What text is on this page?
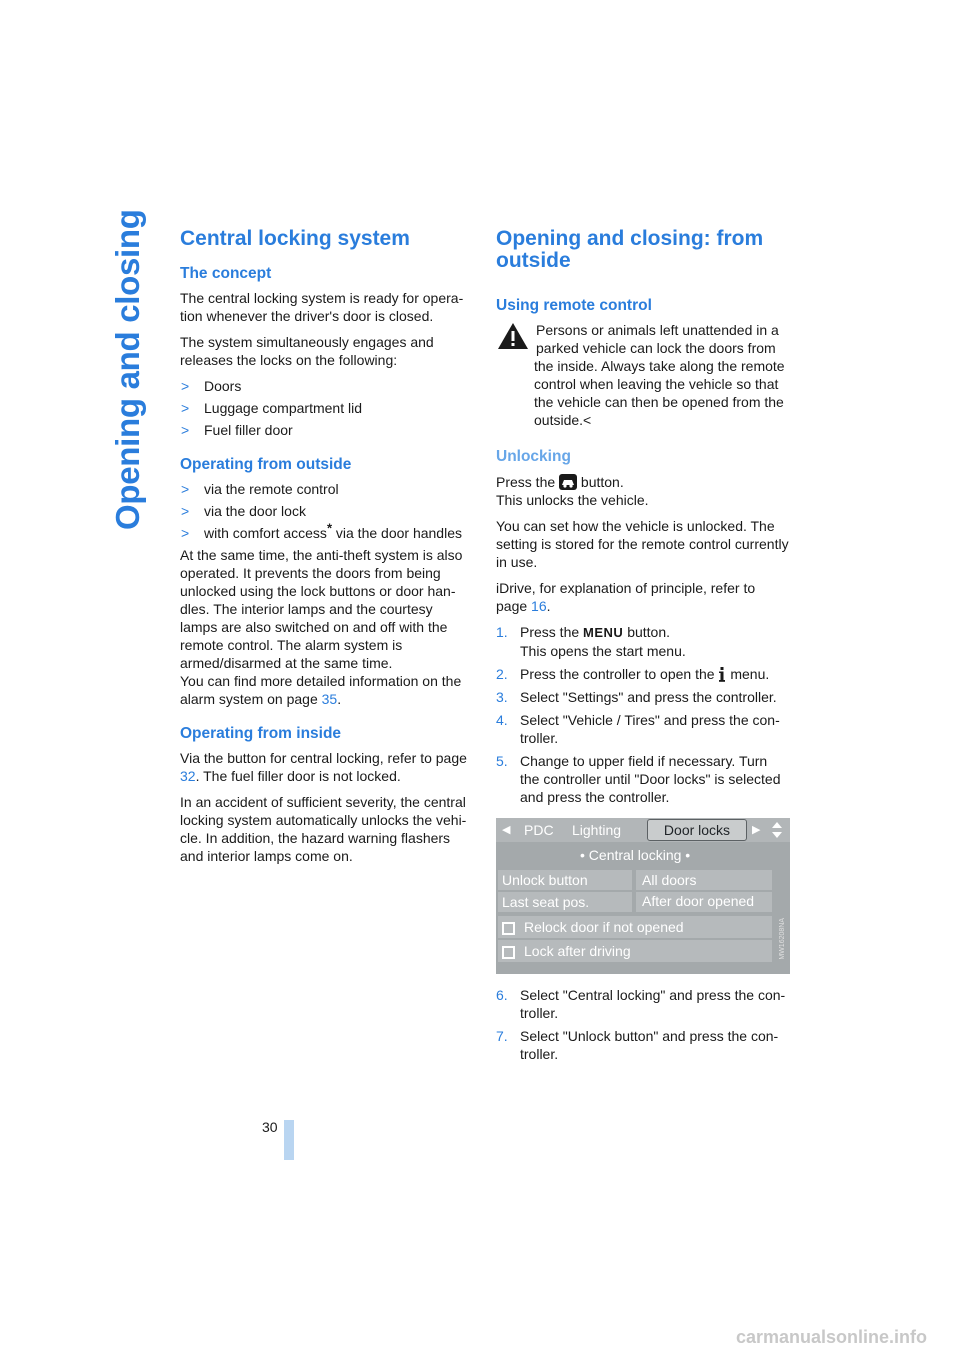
Opening and closing Central locking system
The concept

The central locking system is ready for opera-tion whenever the driver's door is closed.

The system simultaneously engages and releases the locks on the following:

> Doors
> Luggage compartment lid
> Fuel filler door
Operating from outside
> via the remote control
> via the door lock
> with comfort access* via the door handles

At the same time, the anti-theft system is also operated. It prevents the doors from being unlocked using the lock buttons or door han-dles. The interior lamps and the courtesy lamps are also switched on and off with the remote control. The alarm system is armed/disarmed at the same time.

You can find more detailed information on the alarm system on page 35.

Operating from inside

Via the button for central locking, refer to page 32. The fuel filler door is not locked.

In an accident of sufficient severity, the central locking system automatically unlocks the vehi-cle. In addition, the hazard warning flashers and interior lamps come on.

Opening and closing: from outside
Using remote control

Persons or animals left unattended in a parked vehicle can lock the doors from the inside. Always take along the remote control when leaving the vehicle so that the vehicle can then be opened from the outside.<

Unlocking

Press the button.

This unlocks the vehicle.

You can set how the vehicle is unlocked. The setting is stored for the remote control currently in use.

iDrive, for explanation of principle, refer to page 16.

1. Press the MENU button.
This opens the start menu.
2. Press the controller to open the  menu.
3. Select "Settings" and press the controller.
4. Select "Vehicle / Tires" and press the con-troller.
5. Change to upper field if necessary. Turn the controller until "Door locks" is selected and press the controller.
◀ PDC Lighting	Door locks	▶
• Central locking •
Unlock button	All doors
Last seat pos.	After door opened
Relock door if not opened
Lock after driving	MW16208NA
6. Select "Central locking" and press the con-troller.
7. Select "Unlock button" and press the con-troller.
30
carmanualsonline.info
